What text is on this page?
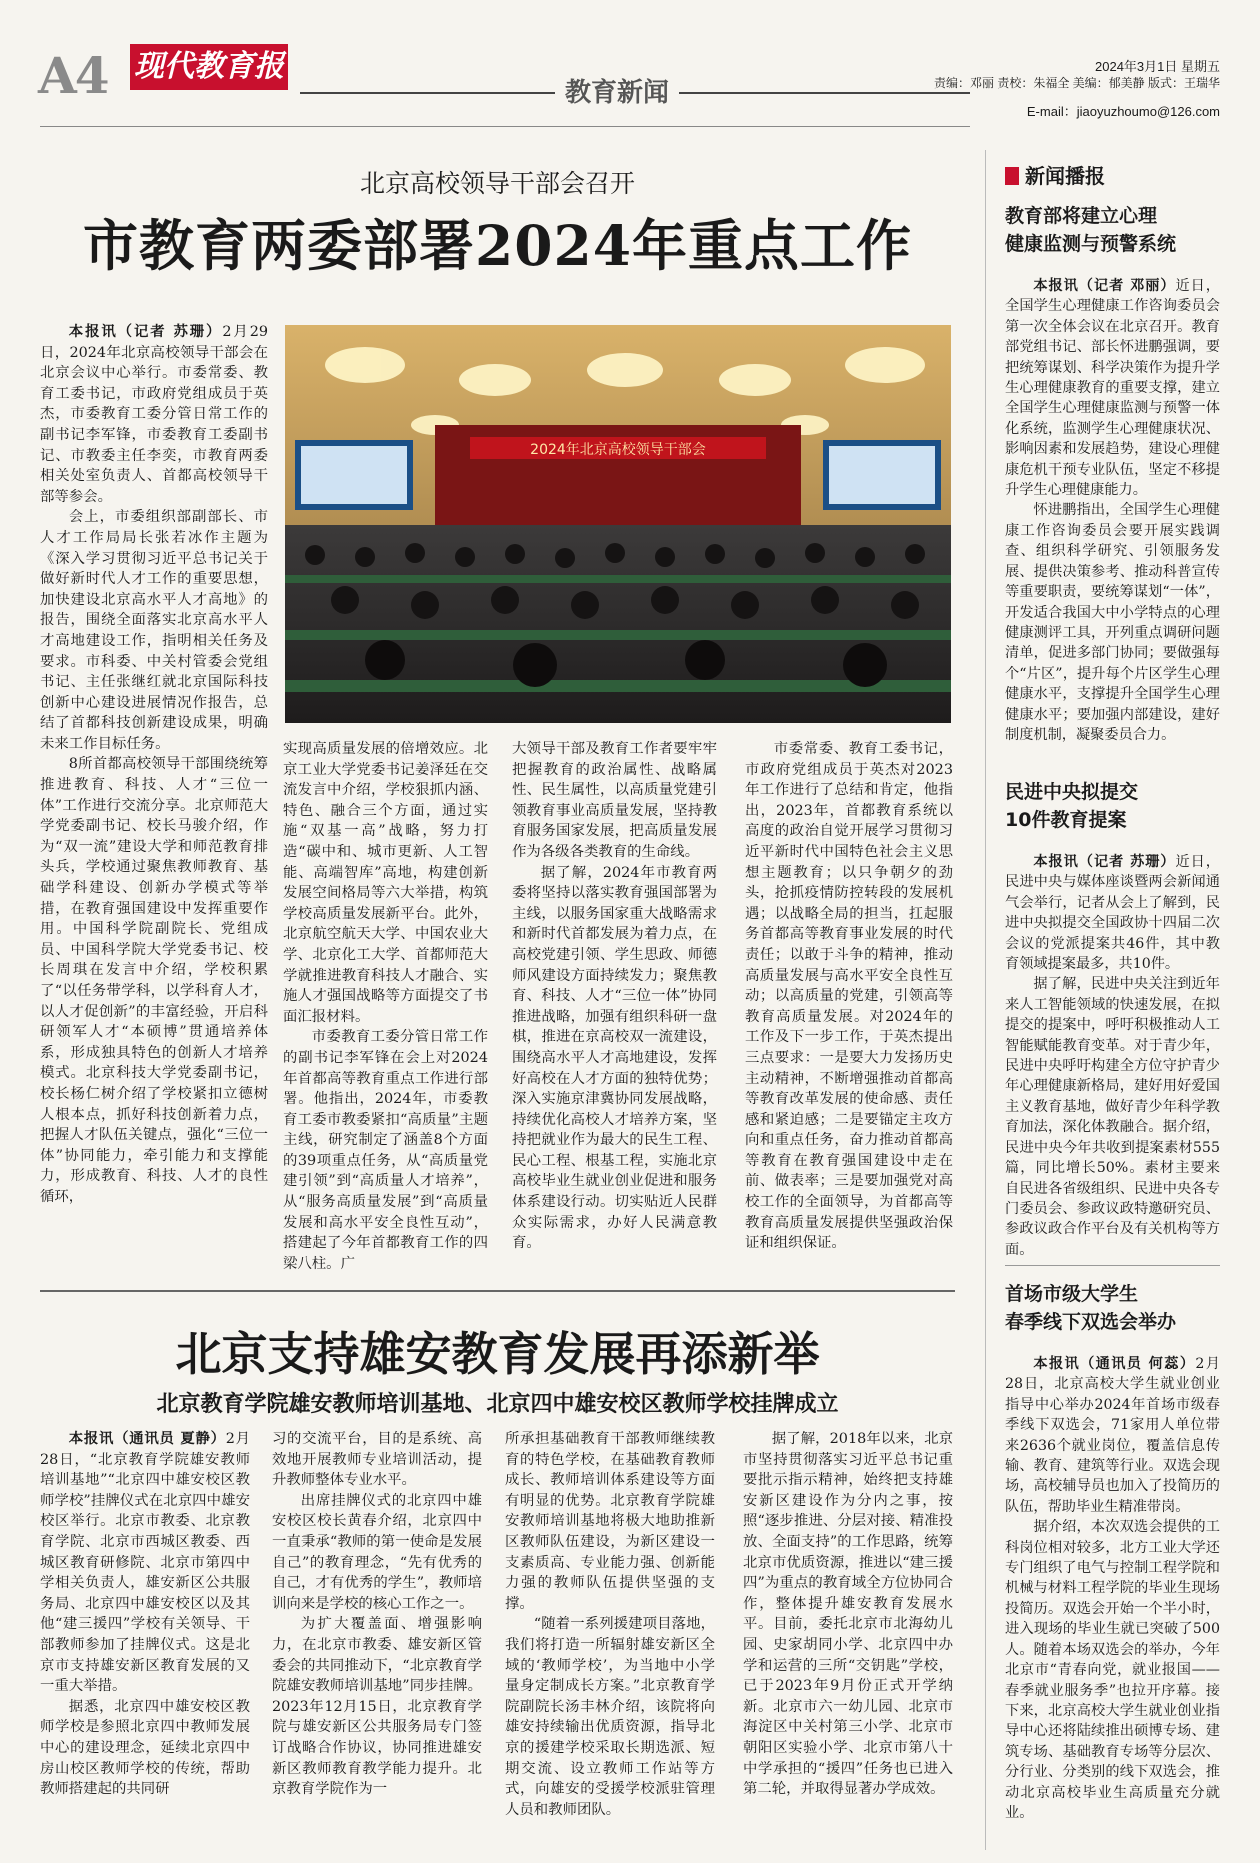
A4 现代教育报
教育新闻
2024年3月1日 星期五
责编：邓丽 责校：朱福全 美编：郁美静 版式：王瑞华
E-mail：jiaoyuzhoumo@126.com
北京高校领导干部会召开
市教育两委部署2024年重点工作

本报讯（记者 苏珊）2月29日，2024年北京高校领导干部会在北京会议中心举行。市委常委、教育工委书记，市政府党组成员于英杰，市委教育工委分管日常工作的副书记李军锋，市委教育工委副书记、市教委主任李奕，市教育两委相关处室负责人、首都高校领导干部等参会。

会上，市委组织部副部长、市人才工作局局长张若冰作主题为《深入学习贯彻习近平总书记关于做好新时代人才工作的重要思想，加快建设北京高水平人才高地》的报告，围绕全面落实北京高水平人才高地建设工作，指明相关任务及要求。市科委、中关村管委会党组书记、主任张继红就北京国际科技创新中心建设进展情况作报告，总结了首都科技创新建设成果，明确未来工作目标任务。

8所首都高校领导干部围绕统筹推进教育、科技、人才“三位一体”工作进行交流分享。北京师范大学党委副书记、校长马骏介绍，作为“双一流”建设大学和师范教育排头兵，学校通过聚焦教师教育、基础学科建设、创新办学模式等举措，在教育强国建设中发挥重要作用。中国科学院副院长、党组成员、中国科学院大学党委书记、校长周琪在发言中介绍，学校积累了“以任务带学科，以学科育人才，以人才促创新”的丰富经验，开启科研领军人才“本硕博”贯通培养体系，形成独具特色的创新人才培养模式。北京科技大学党委副书记，校长杨仁树介绍了学校紧扣立德树人根本点，抓好科技创新着力点，把握人才队伍关键点，强化“三位一体”协同能力，牵引能力和支撑能力，形成教育、科技、人才的良性循环，

2024年北京高校领导干部会

实现高质量发展的倍增效应。北京工业大学党委书记姜泽廷在交流发言中介绍，学校狠抓内涵、特色、融合三个方面，通过实施“双基一高”战略，努力打造“碳中和、城市更新、人工智能、高端智库”高地，构建创新发展空间格局等六大举措，构筑学校高质量发展新平台。此外，北京航空航天大学、中国农业大学、北京化工大学、首都师范大学就推进教育科技人才融合、实施人才强国战略等方面提交了书面汇报材料。

市委教育工委分管日常工作的副书记李军锋在会上对2024年首都高等教育重点工作进行部署。他指出，2024年，市委教育工委市教委紧扣“高质量”主题主线，研究制定了涵盖8个方面的39项重点任务，从“高质量党建引领”到“高质量人才培养”，从“服务高质量发展”到“高质量发展和高水平安全良性互动”，搭建起了今年首都教育工作的四梁八柱。广

大领导干部及教育工作者要牢牢把握教育的政治属性、战略属性、民生属性，以高质量党建引领教育事业高质量发展，坚持教育服务国家发展，把高质量发展作为各级各类教育的生命线。

据了解，2024年市教育两委将坚持以落实教育强国部署为主线，以服务国家重大战略需求和新时代首都发展为着力点，在高校党建引领、学生思政、师德师风建设方面持续发力；聚焦教育、科技、人才“三位一体”协同推进战略，加强有组织科研一盘棋，推进在京高校双一流建设，围绕高水平人才高地建设，发挥好高校在人才方面的独特优势；深入实施京津冀协同发展战略，持续优化高校人才培养方案，坚持把就业作为最大的民生工程、民心工程、根基工程，实施北京高校毕业生就业创业促进和服务体系建设行动。切实贴近人民群众实际需求，办好人民满意教育。

市委常委、教育工委书记，市政府党组成员于英杰对2023年工作进行了总结和肯定，他指出，2023年，首都教育系统以高度的政治自觉开展学习贯彻习近平新时代中国特色社会主义思想主题教育；以只争朝夕的劲头，抢抓疫情防控转段的发展机遇；以战略全局的担当，扛起服务首都高等教育事业发展的时代责任；以敢于斗争的精神，推动高质量发展与高水平安全良性互动；以高质量的党建，引领高等教育高质量发展。对2024年的工作及下一步工作，于英杰提出三点要求：一是要大力发扬历史主动精神，不断增强推动首都高等教育改革发展的使命感、责任感和紧迫感；二是要锚定主攻方向和重点任务，奋力推动首都高等教育在教育强国建设中走在前、做表率；三是要加强党对高校工作的全面领导，为首都高等教育高质量发展提供坚强政治保证和组织保证。

北京支持雄安教育发展再添新举
北京教育学院雄安教师培训基地、北京四中雄安校区教师学校挂牌成立

本报讯（通讯员 夏静）2月28日，“北京教育学院雄安教师培训基地”“北京四中雄安校区教师学校”挂牌仪式在北京四中雄安校区举行。北京市教委、北京教育学院、北京市西城区教委、西城区教育研修院、北京市第四中学相关负责人，雄安新区公共服务局、北京四中雄安校区以及其他“建三援四”学校有关领导、干部教师参加了挂牌仪式。这是北京市支持雄安新区教育发展的又一重大举措。

据悉，北京四中雄安校区教师学校是参照北京四中教师发展中心的建设理念，延续北京四中房山校区教师学校的传统，帮助教师搭建起的共同研

习的交流平台，目的是系统、高效地开展教师专业培训活动，提升教师整体专业水平。

出席挂牌仪式的北京四中雄安校区校长黄春介绍，北京四中一直秉承“教师的第一使命是发展自己”的教育理念，“先有优秀的自己，才有优秀的学生”，教师培训向来是学校的核心工作之一。

为扩大覆盖面、增强影响力，在北京市教委、雄安新区管委会的共同推动下，“北京教育学院雄安教师培训基地”同步挂牌。2023年12月15日，北京教育学院与雄安新区公共服务局专门签订战略合作协议，协同推进雄安新区教师教育教学能力提升。北京教育学院作为一

所承担基础教育干部教师继续教育的特色学校，在基础教育教师成长、教师培训体系建设等方面有明显的优势。北京教育学院雄安教师培训基地将极大地助推新区教师队伍建设，为新区建设一支素质高、专业能力强、创新能力强的教师队伍提供坚强的支撑。

“随着一系列援建项目落地，我们将打造一所辐射雄安新区全域的‘教师学校’，为当地中小学量身定制成长方案。”北京教育学院副院长汤丰林介绍，该院将向雄安持续输出优质资源，指导北京的援建学校采取长期选派、短期交流、设立教师工作站等方式，向雄安的受援学校派驻管理人员和教师团队。

据了解，2018年以来，北京市坚持贯彻落实习近平总书记重要批示指示精神，始终把支持雄安新区建设作为分内之事，按照“逐步推进、分层对接、精准投放、全面支持”的工作思路，统筹北京市优质资源，推进以“建三援四”为重点的教育域全方位协同合作，整体提升雄安教育发展水平。目前，委托北京市北海幼儿园、史家胡同小学、北京四中办学和运营的三所“交钥匙”学校，已于2023年9月份正式开学纳新。北京市六一幼儿园、北京市海淀区中关村第三小学、北京市朝阳区实验小学、北京市第八十中学承担的“援四”任务也已进入第二轮，并取得显著办学成效。

新闻播报
教育部将建立心理
健康监测与预警系统

本报讯（记者 邓丽）近日，全国学生心理健康工作咨询委员会第一次全体会议在北京召开。教育部党组书记、部长怀进鹏强调，要把统筹谋划、科学决策作为提升学生心理健康教育的重要支撑，建立全国学生心理健康监测与预警一体化系统，监测学生心理健康状况、影响因素和发展趋势，建设心理健康危机干预专业队伍，坚定不移提升学生心理健康能力。

怀进鹏指出，全国学生心理健康工作咨询委员会要开展实践调查、组织科学研究、引领服务发展、提供决策参考、推动科普宣传等重要职责，要统筹谋划“一体”，开发适合我国大中小学特点的心理健康测评工具，开列重点调研问题清单，促进多部门协同；要做强每个“片区”，提升每个片区学生心理健康水平，支撑提升全国学生心理健康水平；要加强内部建设，建好制度机制，凝聚委员合力。

民进中央拟提交
10件教育提案

本报讯（记者 苏珊）近日，民进中央与媒体座谈暨两会新闻通气会举行，记者从会上了解到，民进中央拟提交全国政协十四届二次会议的党派提案共46件，其中教育领域提案最多，共10件。

据了解，民进中央关注到近年来人工智能领域的快速发展，在拟提交的提案中，呼吁积极推动人工智能赋能教育变革。对于青少年，民进中央呼吁构建全方位守护青少年心理健康新格局，建好用好爱国主义教育基地，做好青少年科学教育加法，深化体教融合。据介绍，民进中央今年共收到提案素材555篇，同比增长50%。素材主要来自民进各省级组织、民进中央各专门委员会、参政议政特邀研究员、参政议政合作平台及有关机构等方面。

首场市级大学生
春季线下双选会举办

本报讯（通讯员 何蕊）2月28日，北京高校大学生就业创业指导中心举办2024年首场市级春季线下双选会，71家用人单位带来2636个就业岗位，覆盖信息传输、教育、建筑等行业。双选会现场，高校辅导员也加入了投简历的队伍，帮助毕业生精准带岗。

据介绍，本次双选会提供的工科岗位相对较多，北方工业大学还专门组织了电气与控制工程学院和机械与材料工程学院的毕业生现场投简历。双选会开始一个半小时，进入现场的毕业生就已突破了500人。随着本场双选会的举办，今年北京市“青春向党，就业报国——春季就业服务季”也拉开序幕。接下来，北京高校大学生就业创业指导中心还将陆续推出硕博专场、建筑专场、基础教育专场等分层次、分行业、分类别的线下双选会，推动北京高校毕业生高质量充分就业。
